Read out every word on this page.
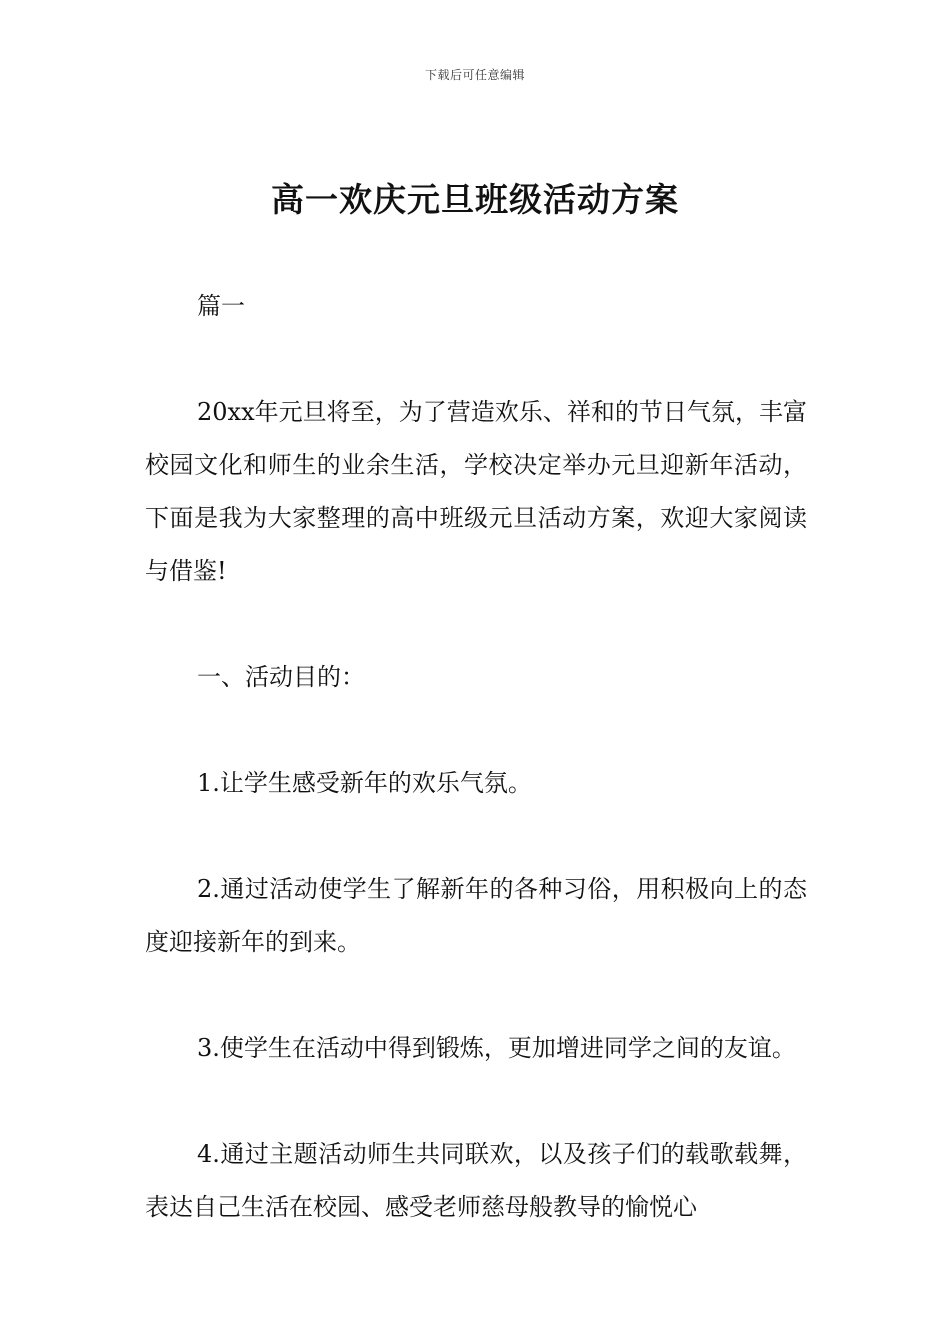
下载后可任意编辑
高一欢庆元旦班级活动方案

篇一

20xx年元旦将至，为了营造欢乐、祥和的节日气氛，丰富校园文化和师生的业余生活，学校决定举办元旦迎新年活动，下面是我为大家整理的高中班级元旦活动方案，欢迎大家阅读与借鉴!

一、活动目的：

1.让学生感受新年的欢乐气氛。

2.通过活动使学生了解新年的各种习俗，用积极向上的态度迎接新年的到来。

3.使学生在活动中得到锻炼，更加增进同学之间的友谊。

4.通过主题活动师生共同联欢，以及孩子们的载歌载舞，表达自己生活在校园、感受老师慈母般教导的愉悦心
